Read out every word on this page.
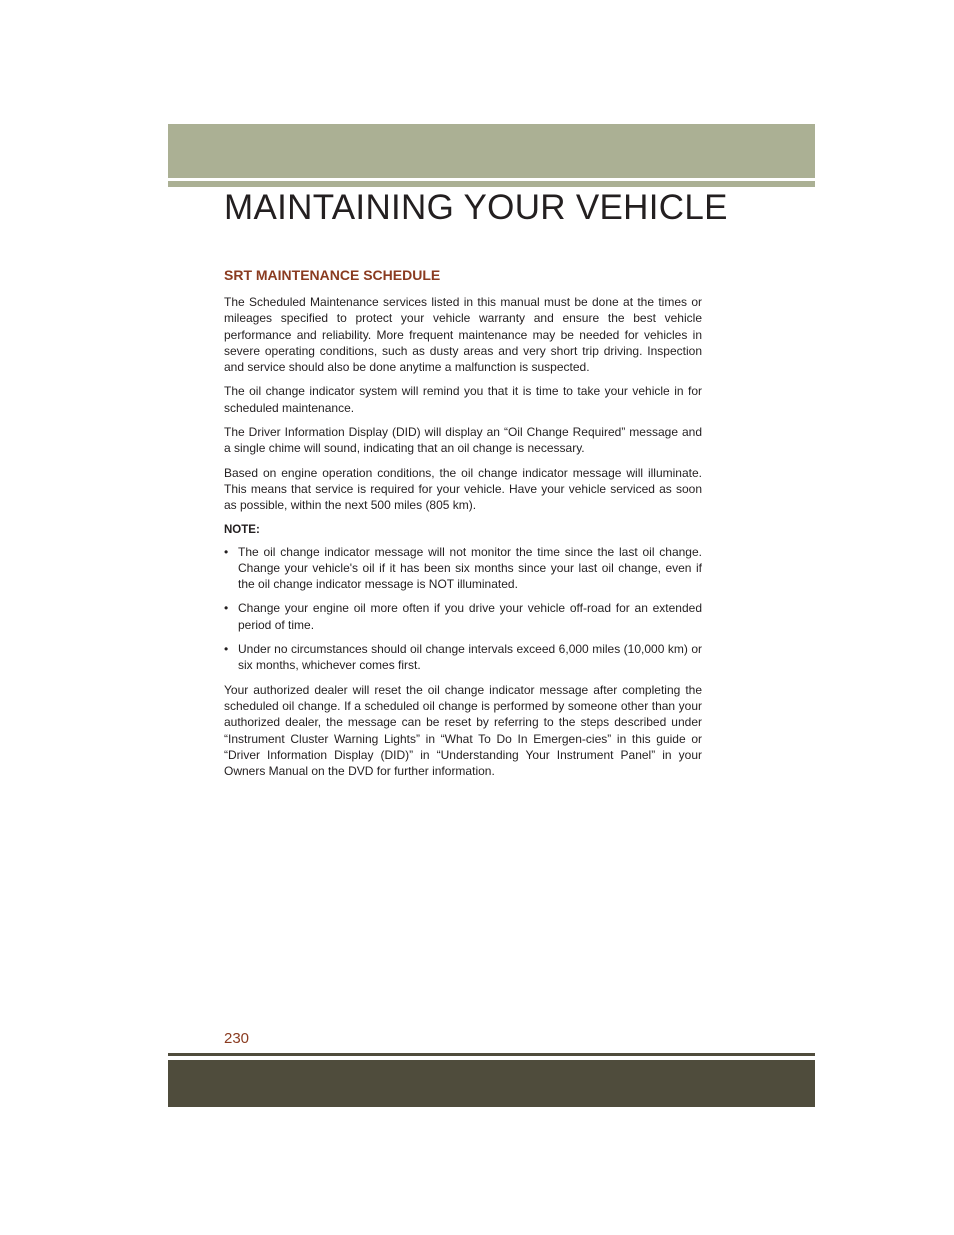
MAINTAINING YOUR VEHICLE
SRT MAINTENANCE SCHEDULE

The Scheduled Maintenance services listed in this manual must be done at the times or mileages specified to protect your vehicle warranty and ensure the best vehicle performance and reliability. More frequent maintenance may be needed for vehicles in severe operating conditions, such as dusty areas and very short trip driving. Inspection and service should also be done anytime a malfunction is suspected.

The oil change indicator system will remind you that it is time to take your vehicle in for scheduled maintenance.

The Driver Information Display (DID) will display an “Oil Change Required” message and a single chime will sound, indicating that an oil change is necessary.

Based on engine operation conditions, the oil change indicator message will illuminate. This means that service is required for your vehicle. Have your vehicle serviced as soon as possible, within the next 500 miles (805 km).

NOTE:
• The oil change indicator message will not monitor the time since the last oil change. Change your vehicle's oil if it has been six months since your last oil change, even if the oil change indicator message is NOT illuminated.
• Change your engine oil more often if you drive your vehicle off-road for an extended period of time.
• Under no circumstances should oil change intervals exceed 6,000 miles (10,000 km) or six months, whichever comes first.

Your authorized dealer will reset the oil change indicator message after completing the scheduled oil change. If a scheduled oil change is performed by someone other than your authorized dealer, the message can be reset by referring to the steps described under “Instrument Cluster Warning Lights” in “What To Do In Emergen-cies” in this guide or “Driver Information Display (DID)” in “Understanding Your Instrument Panel” in your Owners Manual on the DVD for further information.

230
